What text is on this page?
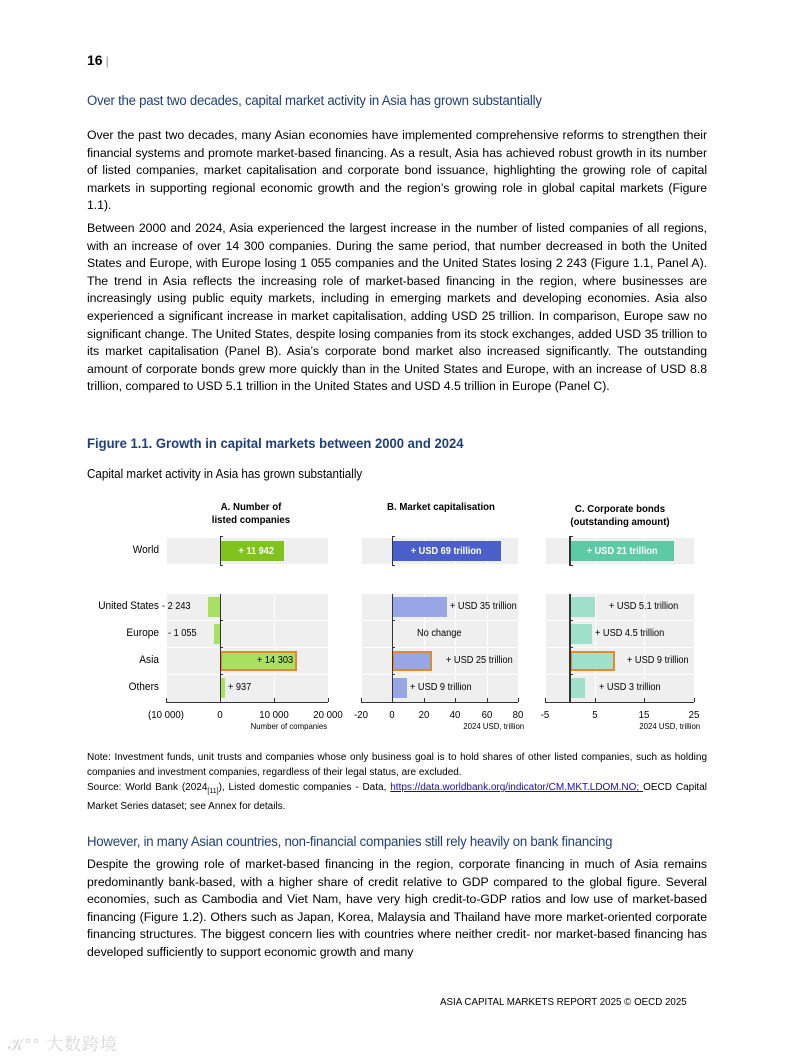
16 |
Over the past two decades, capital market activity in Asia has grown substantially

Over the past two decades, many Asian economies have implemented comprehensive reforms to strengthen their financial systems and promote market-based financing. As a result, Asia has achieved robust growth in its number of listed companies, market capitalisation and corporate bond issuance, highlighting the growing role of capital markets in supporting regional economic growth and the region’s growing role in global capital markets (Figure 1.1).

Between 2000 and 2024, Asia experienced the largest increase in the number of listed companies of all regions, with an increase of over 14 300 companies. During the same period, that number decreased in both the United States and Europe, with Europe losing 1 055 companies and the United States losing 2 243 (Figure 1.1, Panel A). The trend in Asia reflects the increasing role of market-based financing in the region, where businesses are increasingly using public equity markets, including in emerging markets and developing economies. Asia also experienced a significant increase in market capitalisation, adding USD 25 trillion. In comparison, Europe saw no significant change. The United States, despite losing companies from its stock exchanges, added USD 35 trillion to its market capitalisation (Panel B). Asia’s corporate bond market also increased significantly. The outstanding amount of corporate bonds grew more quickly than in the United States and Europe, with an increase of USD 8.8 trillion, compared to USD 5.1 trillion in the United States and USD 4.5 trillion in Europe (Panel C).

Figure 1.1. Growth in capital markets between 2000 and 2024
Capital market activity in Asia has grown substantially
World
United States
Europe
Asia
Others
A. Number of
listed companies
+ 11 942
- 2 243
- 1 055
+ 14 303
+ 937
(10 000)	0	10 000 20 000
Number of companies
B. Market capitalisation
+ USD 69 trillion
+ USD 35 trillion
No change
+ USD 25 trillion
+ USD 9 trillion
-20 0 20 40 60 80
2024 USD, trillion
C. Corporate bonds
(outstanding amount)
+ USD 21 trillion
+ USD 5.1 trillion
+ USD 4.5 trillion
+ USD 9 trillion
+ USD 3 trillion
-5	5	15	25
2024 USD, trillion
Note: Investment funds, unit trusts and companies whose only business goal is to hold shares of other listed companies, such as holding companies and investment companies, regardless of their legal status, are excluded.
Source: World Bank $(2024_{[11]})$, Listed domestic companies - Data, https://data.worldbank.org/indicator/CM.MKT.LDOM.NO; OECD Capital Market Series dataset; see Annex for details.
However, in many Asian countries, non-financial companies still rely heavily on bank financing

Despite the growing role of market-based financing in the region, corporate financing in much of Asia remains predominantly bank-based, with a higher share of credit relative to GDP compared to the global figure. Several economies, such as Cambodia and Viet Nam, have very high credit-to-GDP ratios and low use of market-based financing (Figure 1.2). Others such as Japan, Korea, Malaysia and Thailand have more market-oriented corporate financing structures. The biggest concern lies with countries where neither credit- nor market-based financing has developed sufficiently to support economic growth and many

ASIA CAPITAL MARKETS REPORT 2025 © OECD 2025
𝒦°° 大数跨境
